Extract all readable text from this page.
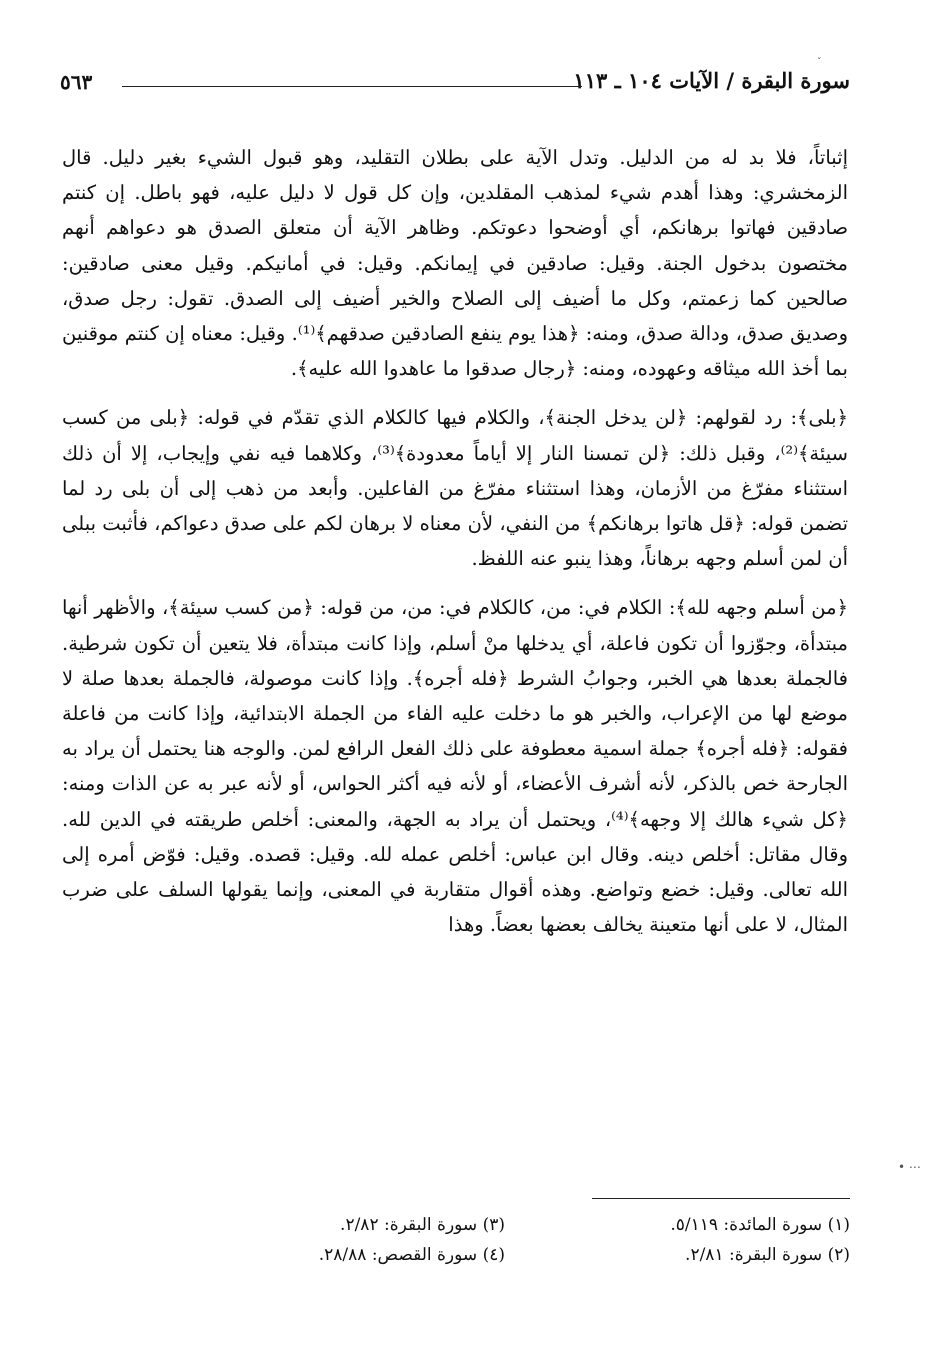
ˇ
سورة البقرة / الآيات ١٠٤ ـ ١١٣
٥٦٣

إثباتاً، فلا بد له من الدليل. وتدل الآية على بطلان التقليد، وهو قبول الشيء بغير دليل. قال الزمخشري: وهذا أهدم شيء لمذهب المقلدين، وإن كل قول لا دليل عليه، فهو باطل. إن كنتم صادقين فهاتوا برهانكم، أي أوضحوا دعوتكم. وظاهر الآية أن متعلق الصدق هو دعواهم أنهم مختصون بدخول الجنة. وقيل: صادقين في إيمانكم. وقيل: في أمانيكم. وقيل معنى صادقين: صالحين كما زعمتم، وكل ما أضيف إلى الصلاح والخير أضيف إلى الصدق. تقول: رجل صدق، وصديق صدق، ودالة صدق، ومنه: ﴿هذا يوم ينفع الصادقين صدقهم﴾⁽¹⁾. وقيل: معناه إن كنتم موقنين بما أخذ الله ميثاقه وعهوده، ومنه: ﴿رجال صدقوا ما عاهدوا الله عليه﴾.

﴿بلى﴾: رد لقولهم: ﴿لن يدخل الجنة﴾، والكلام فيها كالكلام الذي تقدّم في قوله: ﴿بلى من كسب سيئة﴾⁽²⁾، وقبل ذلك: ﴿لن تمسنا النار إلا أياماً معدودة﴾⁽³⁾، وكلاهما فيه نفي وإيجاب، إلا أن ذلك استثناء مفرّغ من الأزمان، وهذا استثناء مفرّغ من الفاعلين. وأبعد من ذهب إلى أن بلى رد لما تضمن قوله: ﴿قل هاتوا برهانكم﴾ من النفي، لأن معناه لا برهان لكم على صدق دعواكم، فأثبت ببلى أن لمن أسلم وجهه برهاناً، وهذا ينبو عنه اللفظ.

﴿من أسلم وجهه لله﴾: الكلام في: من، كالكلام في: من، من قوله: ﴿من كسب سيئة﴾، والأظهر أنها مبتدأة، وجوّزوا أن تكون فاعلة، أي يدخلها منْ أسلم، وإذا كانت مبتدأة، فلا يتعين أن تكون شرطية. فالجملة بعدها هي الخبر، وجوابُ الشرط ﴿فله أجره﴾. وإذا كانت موصولة، فالجملة بعدها صلة لا موضع لها من الإعراب، والخبر هو ما دخلت عليه الفاء من الجملة الابتدائية، وإذا كانت من فاعلة فقوله: ﴿فله أجره﴾ جملة اسمية معطوفة على ذلك الفعل الرافع لمن. والوجه هنا يحتمل أن يراد به الجارحة خص بالذكر، لأنه أشرف الأعضاء، أو لأنه فيه أكثر الحواس، أو لأنه عبر به عن الذات ومنه: ﴿كل شيء هالك إلا وجهه﴾⁽⁴⁾، ويحتمل أن يراد به الجهة، والمعنى: أخلص طريقته في الدين لله. وقال مقاتل: أخلص دينه. وقال ابن عباس: أخلص عمله لله. وقيل: قصده. وقيل: فوّض أمره إلى الله تعالى. وقيل: خضع وتواضع. وهذه أقوال متقاربة في المعنى، وإنما يقولها السلف على ضرب المثال، لا على أنها متعينة يخالف بعضها بعضاً. وهذا

• ⋯
(١) سورة المائدة: ٥/١١٩.
(٣) سورة البقرة: ٢/٨٢.
(٢) سورة البقرة: ٢/٨١.
(٤) سورة القصص: ٢٨/٨٨.
